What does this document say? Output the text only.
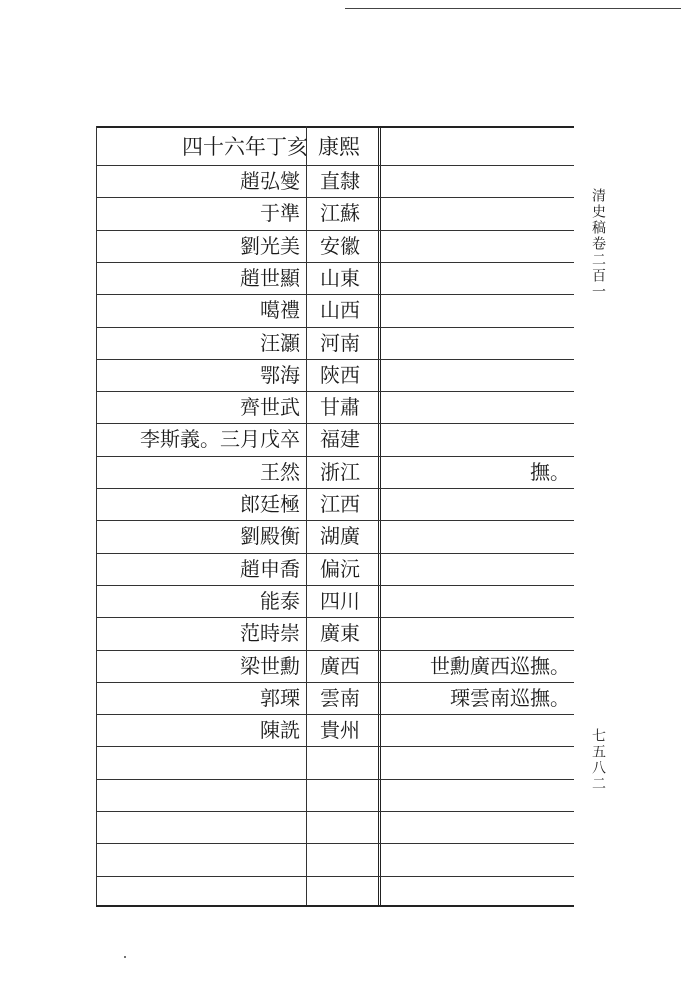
四十六年丁亥 康熙
趙弘燮 直隸
于準 江蘇
劉光美 安徽
趙世顯 山東
噶禮 山西
汪灝 河南
鄂海 陝西
齊世武 甘肅
李斯義。三月戊卒 福建
王然 浙江	撫。
郎廷極 江西
劉殿衡 湖廣
趙申喬 偏沅
能泰 四川
范時崇 廣東
梁世勳 廣西	世勳廣西巡撫。
郭瑮 雲南	瑮雲南巡撫。
陳詵 貴州
清史稿卷二百一
七五八二
